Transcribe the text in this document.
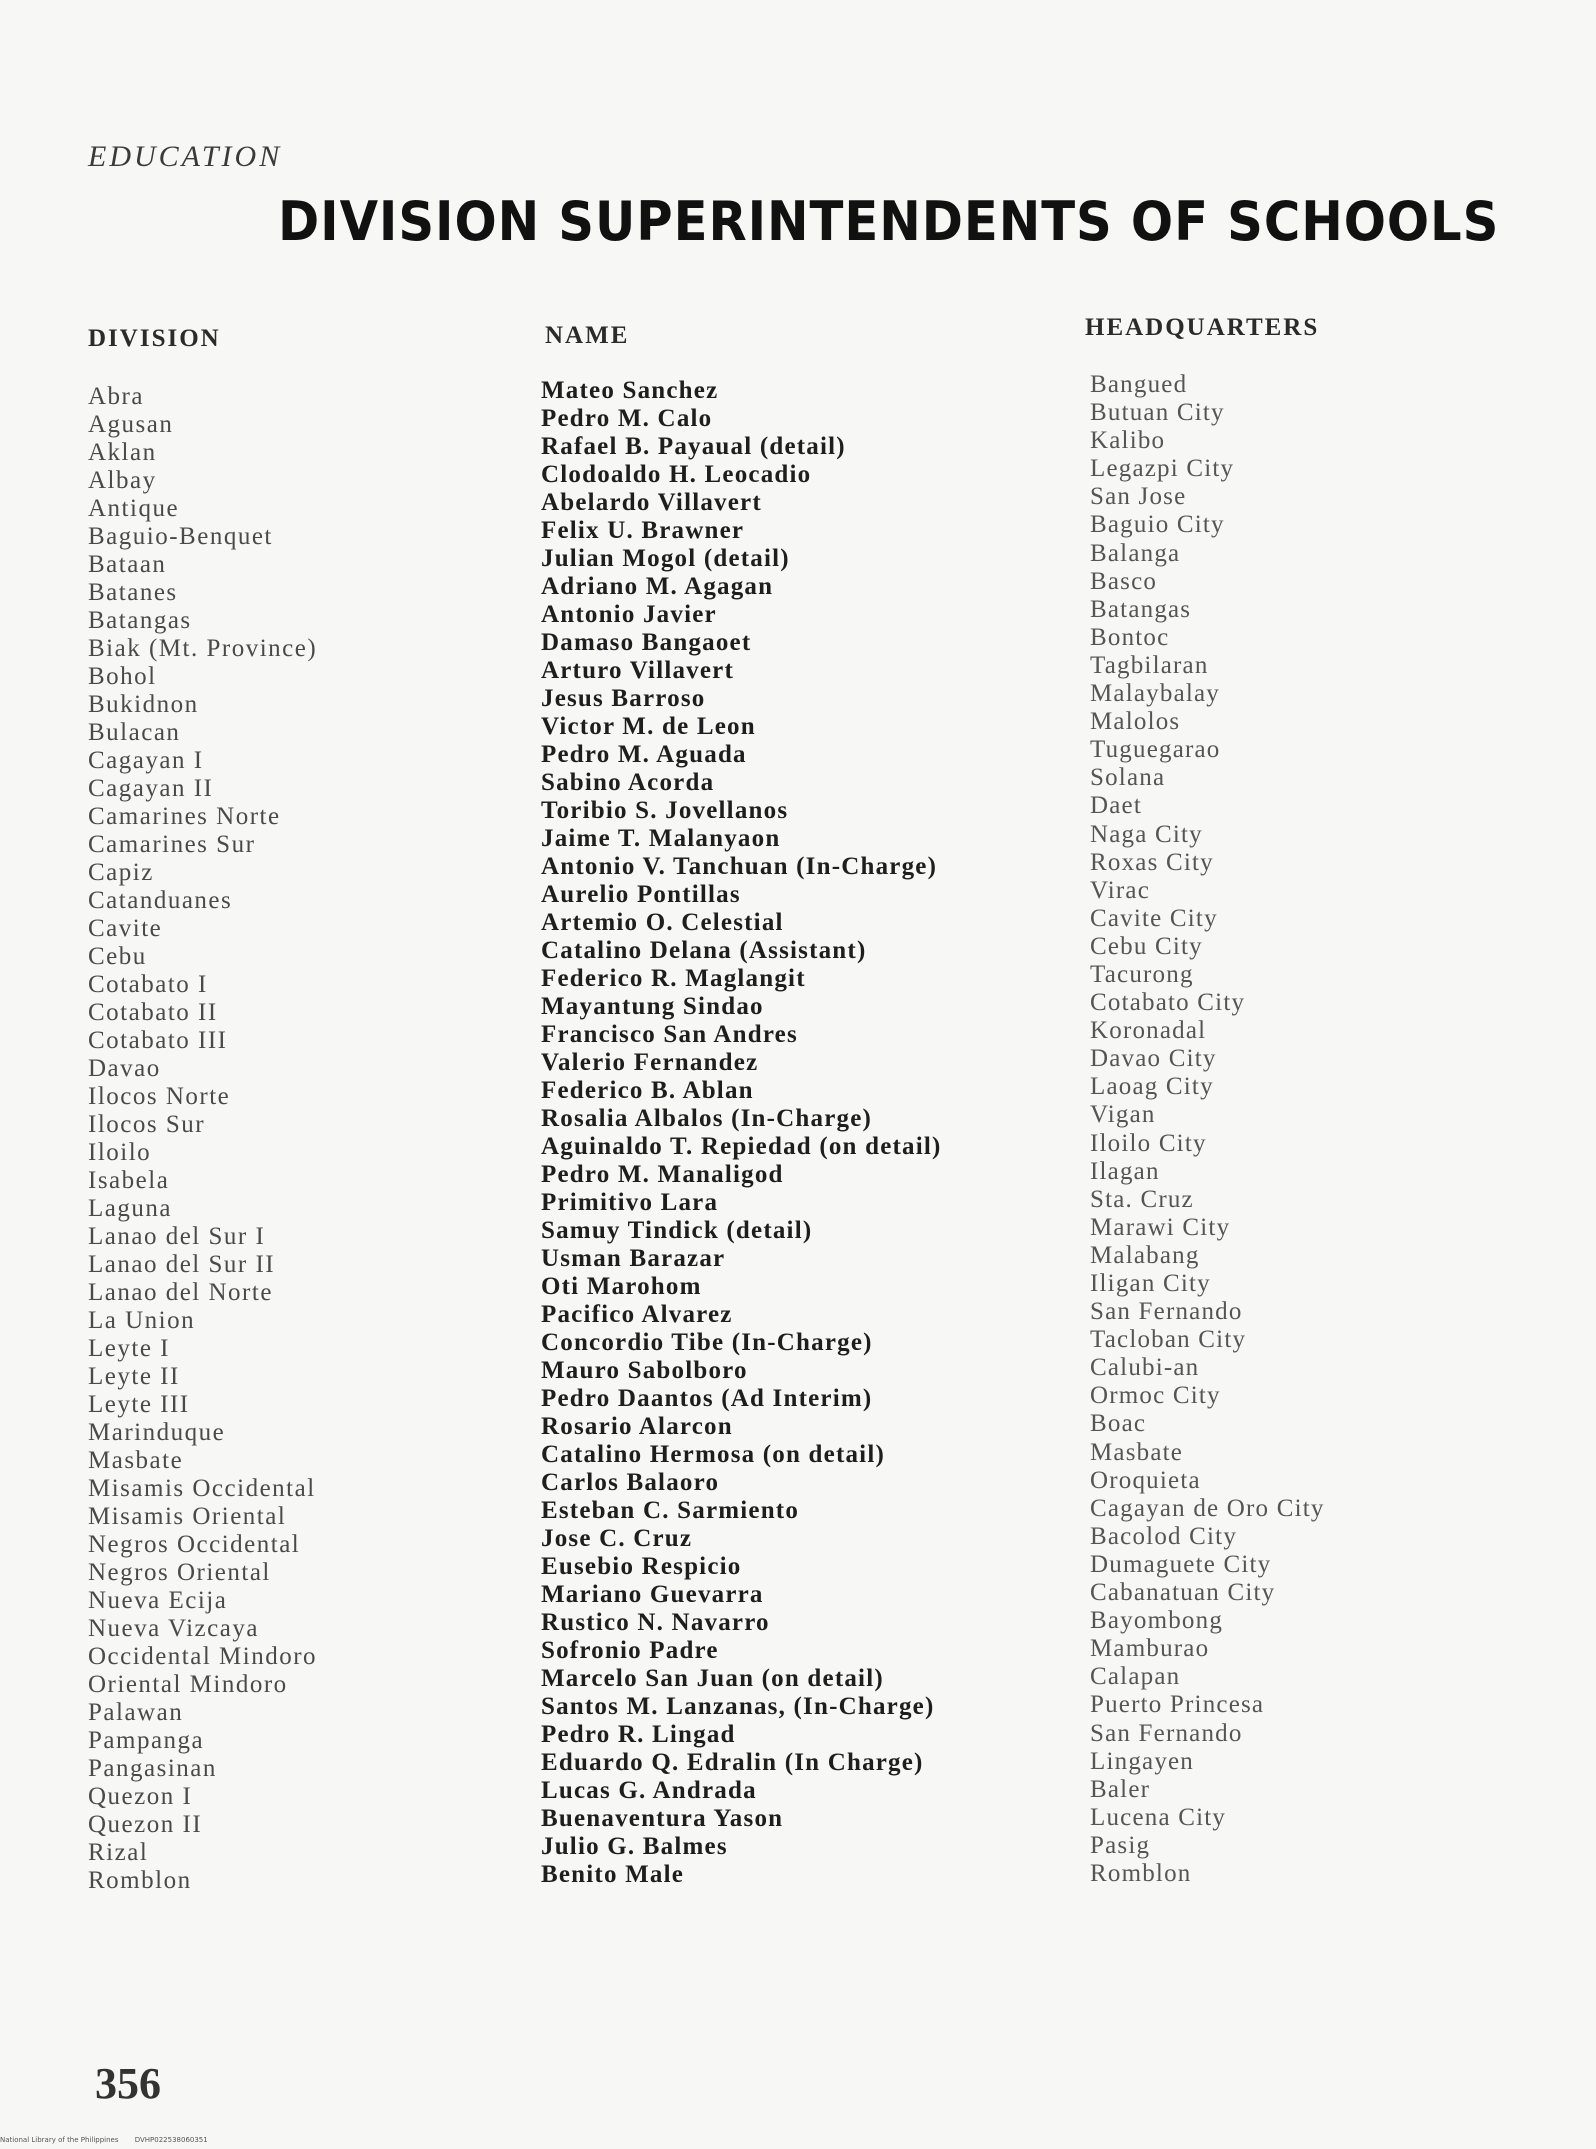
EDUCATION
DIVISION SUPERINTENDENTS OF SCHOOLS
DIVISION	NAME	HEADQUARTERS
Abra
Agusan
Aklan
Albay
Antique
Baguio-Benquet
Bataan
Batanes
Batangas
Biak (Mt. Province)
Bohol
Bukidnon
Bulacan
Cagayan I
Cagayan II
Camarines Norte
Camarines Sur
Capiz
Catanduanes
Cavite
Cebu
Cotabato I
Cotabato II
Cotabato III
Davao
Ilocos Norte
Ilocos Sur
Iloilo
Isabela
Laguna
Lanao del Sur I
Lanao del Sur II
Lanao del Norte
La Union
Leyte I
Leyte II
Leyte III
Marinduque
Masbate
Misamis Occidental
Misamis Oriental
Negros Occidental
Negros Oriental
Nueva Ecija
Nueva Vizcaya
Occidental Mindoro
Oriental Mindoro
Palawan
Pampanga
Pangasinan
Quezon I
Quezon II
Rizal
Romblon
Mateo Sanchez
Pedro M. Calo
Rafael B. Payaual (detail)
Clodoaldo H. Leocadio
Abelardo Villavert
Felix U. Brawner
Julian Mogol (detail)
Adriano M. Agagan
Antonio Javier
Damaso Bangaoet
Arturo Villavert
Jesus Barroso
Victor M. de Leon
Pedro M. Aguada
Sabino Acorda
Toribio S. Jovellanos
Jaime T. Malanyaon
Antonio V. Tanchuan (In-Charge)
Aurelio Pontillas
Artemio O. Celestial
Catalino Delana (Assistant)
Federico R. Maglangit
Mayantung Sindao
Francisco San Andres
Valerio Fernandez
Federico B. Ablan
Rosalia Albalos (In-Charge)
Aguinaldo T. Repiedad (on detail)
Pedro M. Manaligod
Primitivo Lara
Samuy Tindick (detail)
Usman Barazar
Oti Marohom
Pacifico Alvarez
Concordio Tibe (In-Charge)
Mauro Sabolboro
Pedro Daantos (Ad Interim)
Rosario Alarcon
Catalino Hermosa (on detail)
Carlos Balaoro
Esteban C. Sarmiento
Jose C. Cruz
Eusebio Respicio
Mariano Guevarra
Rustico N. Navarro
Sofronio Padre
Marcelo San Juan (on detail)
Santos M. Lanzanas, (In-Charge)
Pedro R. Lingad
Eduardo Q. Edralin (In Charge)
Lucas G. Andrada
Buenaventura Yason
Julio G. Balmes
Benito Male
Bangued
Butuan City
Kalibo
Legazpi City
San Jose
Baguio City
Balanga
Basco
Batangas
Bontoc
Tagbilaran
Malaybalay
Malolos
Tuguegarao
Solana
Daet
Naga City
Roxas City
Virac
Cavite City
Cebu City
Tacurong
Cotabato City
Koronadal
Davao City
Laoag City
Vigan
Iloilo City
Ilagan
Sta. Cruz
Marawi City
Malabang
Iligan City
San Fernando
Tacloban City
Calubi-an
Ormoc City
Boac
Masbate
Oroquieta
Cagayan de Oro City
Bacolod City
Dumaguete City
Cabanatuan City
Bayombong
Mamburao
Calapan
Puerto Princesa
San Fernando
Lingayen
Baler
Lucena City
Pasig
Romblon
356
National Library of the Philippines DVHP022538060351
